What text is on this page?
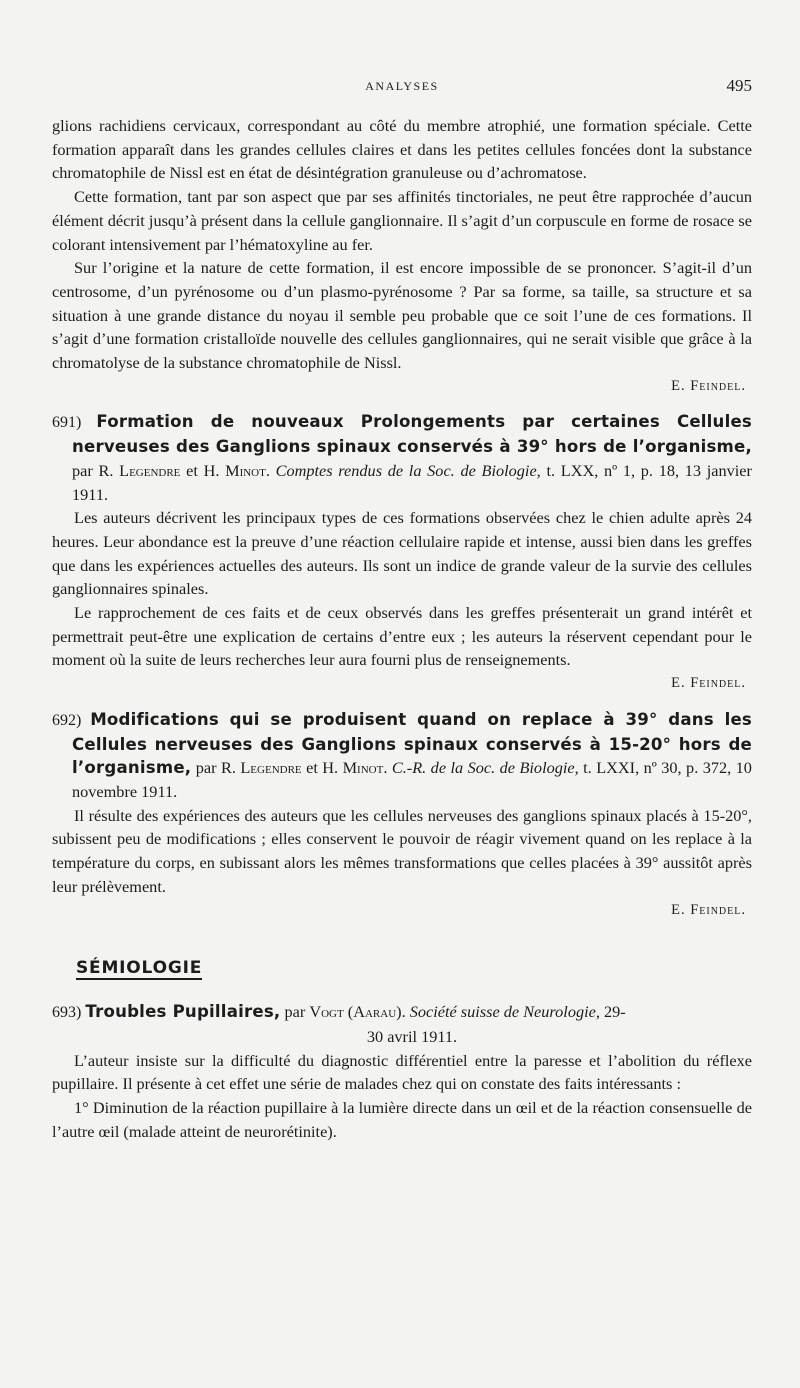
ANALYSES	495

glions rachidiens cervicaux, correspondant au côté du membre atrophié, une formation spéciale. Cette formation apparaît dans les grandes cellules claires et dans les petites cellules foncées dont la substance chromatophile de Nissl est en état de désintégration granuleuse ou d’achromatose.

Cette formation, tant par son aspect que par ses affinités tinctoriales, ne peut être rapprochée d’aucun élément décrit jusqu’à présent dans la cellule ganglionnaire. Il s’agit d’un corpuscule en forme de rosace se colorant intensivement par l’hématoxyline au fer.

Sur l’origine et la nature de cette formation, il est encore impossible de se prononcer. S’agit-il d’un centrosome, d’un pyrénosome ou d’un plasmo-pyrénosome ? Par sa forme, sa taille, sa structure et sa situation à une grande distance du noyau il semble peu probable que ce soit l’une de ces formations. Il s’agit d’une formation cristalloïde nouvelle des cellules ganglionnaires, qui ne serait visible que grâce à la chromatolyse de la substance chromatophile de Nissl.

E. Feindel.

691) Formation de nouveaux Prolongements par certaines Cellules nerveuses des Ganglions spinaux conservés à 39° hors de l’organisme, par R. Legendre et H. Minot. Comptes rendus de la Soc. de Biologie, t. LXX, nº 1, p. 18, 13 janvier 1911.

Les auteurs décrivent les principaux types de ces formations observées chez le chien adulte après 24 heures. Leur abondance est la preuve d’une réaction cellulaire rapide et intense, aussi bien dans les greffes que dans les expériences actuelles des auteurs. Ils sont un indice de grande valeur de la survie des cellules ganglionnaires spinales.

Le rapprochement de ces faits et de ceux observés dans les greffes présenterait un grand intérêt et permettrait peut-être une explication de certains d’entre eux ; les auteurs la réservent cependant pour le moment où la suite de leurs recherches leur aura fourni plus de renseignements.

E. Feindel.

692) Modifications qui se produisent quand on replace à 39° dans les Cellules nerveuses des Ganglions spinaux conservés à 15-20° hors de l’organisme, par R. Legendre et H. Minot. C.-R. de la Soc. de Biologie, t. LXXI, nº 30, p. 372, 10 novembre 1911.

Il résulte des expériences des auteurs que les cellules nerveuses des ganglions spinaux placés à 15-20°, subissent peu de modifications ; elles conservent le pouvoir de réagir vivement quand on les replace à la température du corps, en subissant alors les mêmes transformations que celles placées à 39° aussitôt après leur prélèvement.

E. Feindel.

SÉMIOLOGIE

693) Troubles Pupillaires, par Vogt (Aarau). Société suisse de Neurologie, 29-
30 avril 1911.

L’auteur insiste sur la difficulté du diagnostic différentiel entre la paresse et l’abolition du réflexe pupillaire. Il présente à cet effet une série de malades chez qui on constate des faits intéressants :

1° Diminution de la réaction pupillaire à la lumière directe dans un œil et de la réaction consensuelle de l’autre œil (malade atteint de neurorétinite).
